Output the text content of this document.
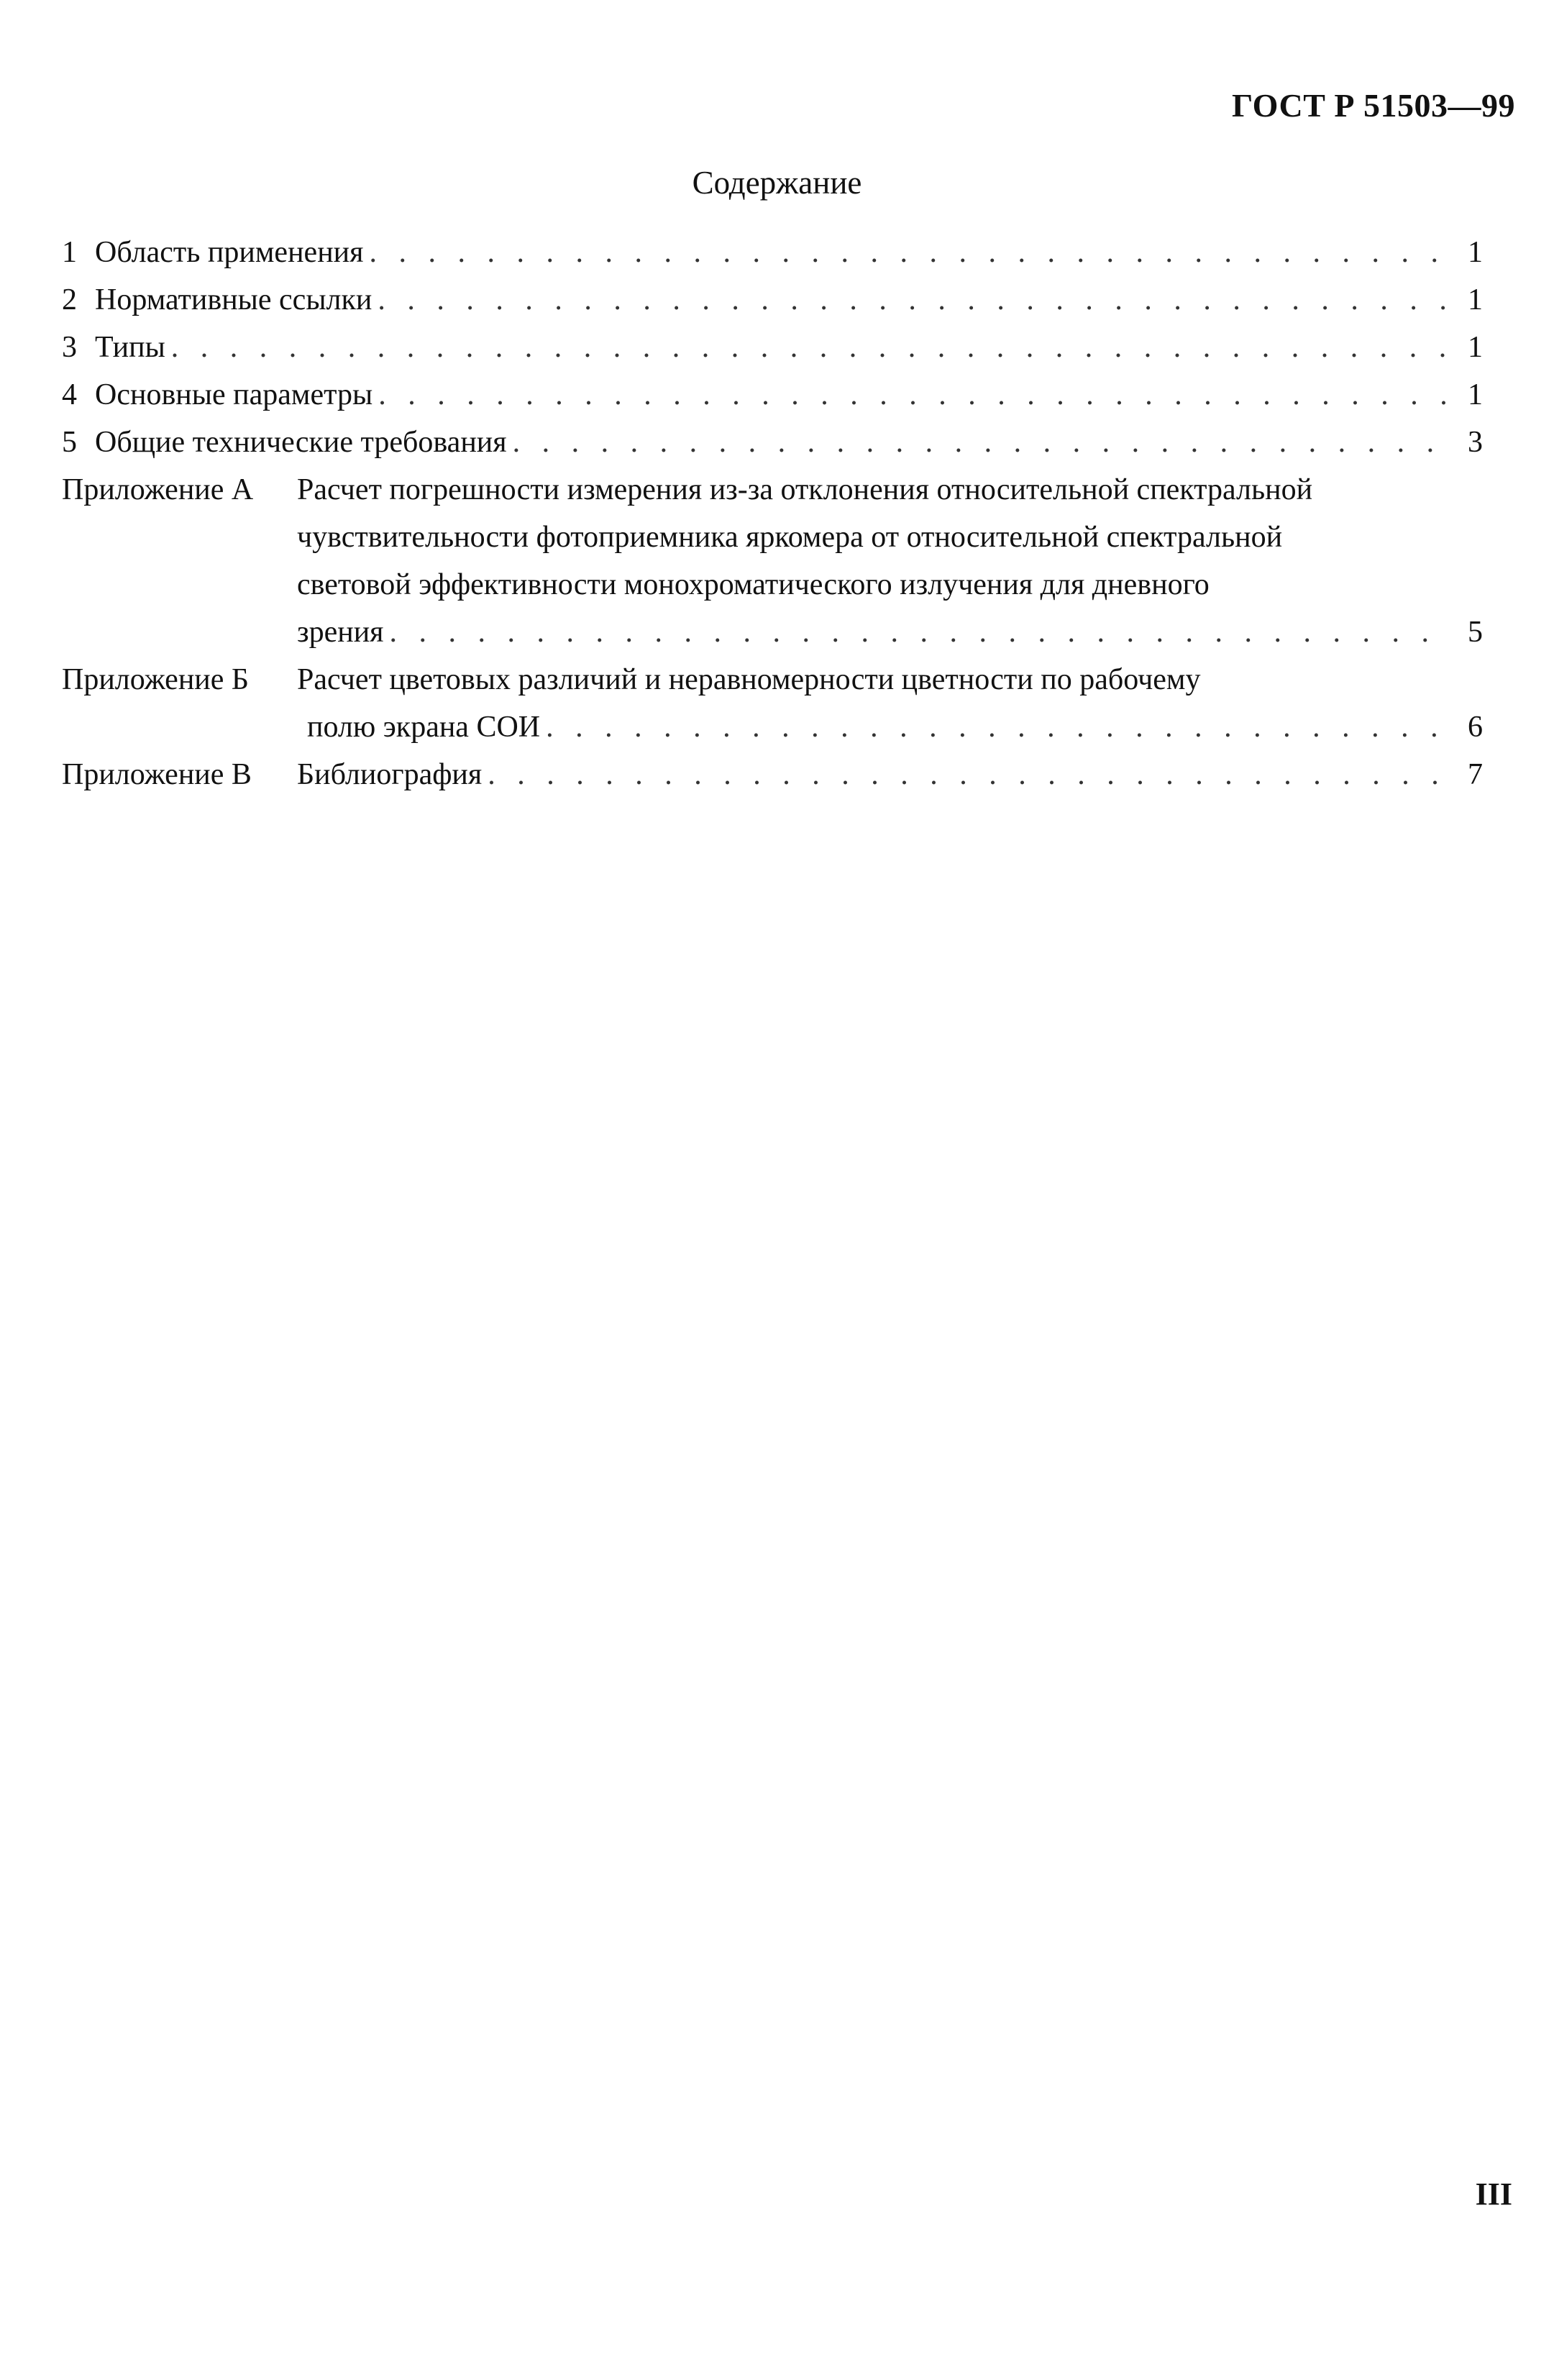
ГОСТ Р 51503—99
Содержание
1 Область применения . . .	1
2 Нормативные ссылки . . .	1
3 Типы . . .	1
4 Основные параметры . . .	1
5 Общие технические требования . . .	3
Приложение А	Расчет погрешности измерения из-за отклонения относительной спектральной
чувствительности фотоприемника яркомера от относительной спектральной
световой эффективности монохроматического излучения для дневного
зрения . . .	5
Приложение Б	Расчет цветовых различий и неравномерности цветности по рабочему
полю экрана СОИ . . .	6
Приложение В	Библиография . . .	7
III
